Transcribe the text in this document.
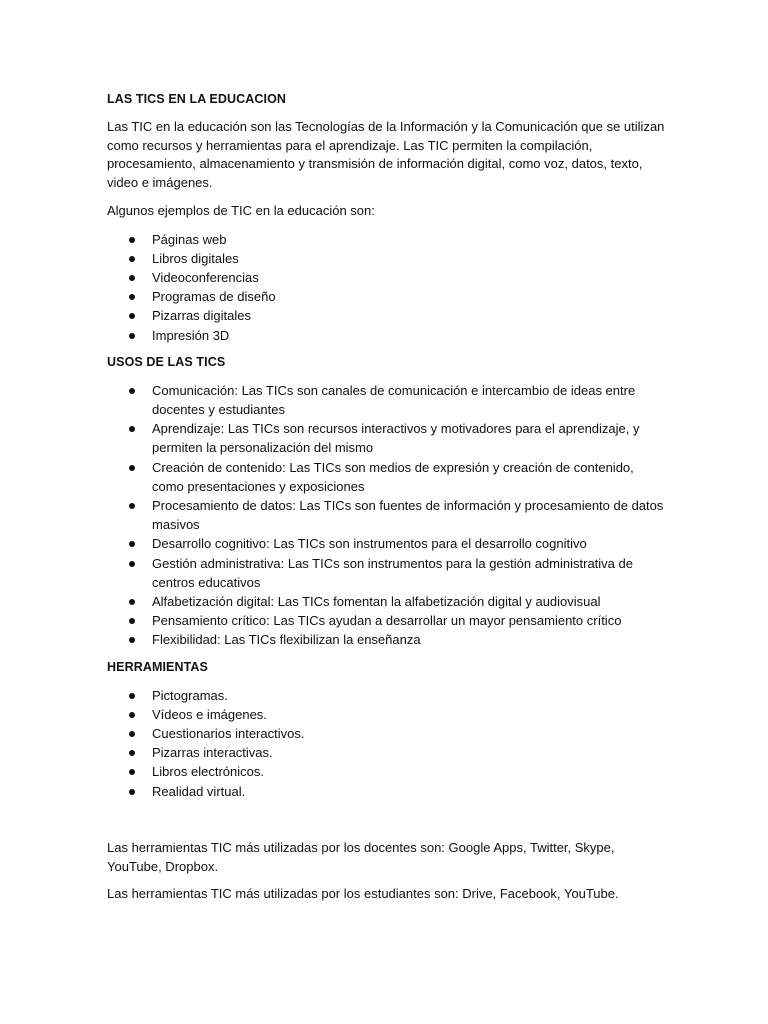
LAS TICS EN LA EDUCACION

Las TIC en la educación son las Tecnologías de la Información y la Comunicación que se utilizan como recursos y herramientas para el aprendizaje. Las TIC permiten la compilación, procesamiento, almacenamiento y transmisión de información digital, como voz, datos, texto, video e imágenes.

Algunos ejemplos de TIC en la educación son:

Páginas web
Libros digitales
Videoconferencias
Programas de diseño
Pizarras digitales
Impresión 3D
USOS DE LAS TICS
Comunicación: Las TICs son canales de comunicación e intercambio de ideas entre docentes y estudiantes
Aprendizaje: Las TICs son recursos interactivos y motivadores para el aprendizaje, y permiten la personalización del mismo
Creación de contenido: Las TICs son medios de expresión y creación de contenido, como presentaciones y exposiciones
Procesamiento de datos: Las TICs son fuentes de información y procesamiento de datos masivos
Desarrollo cognitivo: Las TICs son instrumentos para el desarrollo cognitivo
Gestión administrativa: Las TICs son instrumentos para la gestión administrativa de centros educativos
Alfabetización digital: Las TICs fomentan la alfabetización digital y audiovisual
Pensamiento crítico: Las TICs ayudan a desarrollar un mayor pensamiento crítico
Flexibilidad: Las TICs flexibilizan la enseñanza
HERRAMIENTAS
Pictogramas.
Vídeos e imágenes.
Cuestionarios interactivos.
Pizarras interactivas.
Libros electrónicos.
Realidad virtual.

Las herramientas TIC más utilizadas por los docentes son: Google Apps, Twitter, Skype, YouTube, Dropbox.

Las herramientas TIC más utilizadas por los estudiantes son: Drive, Facebook, YouTube.
